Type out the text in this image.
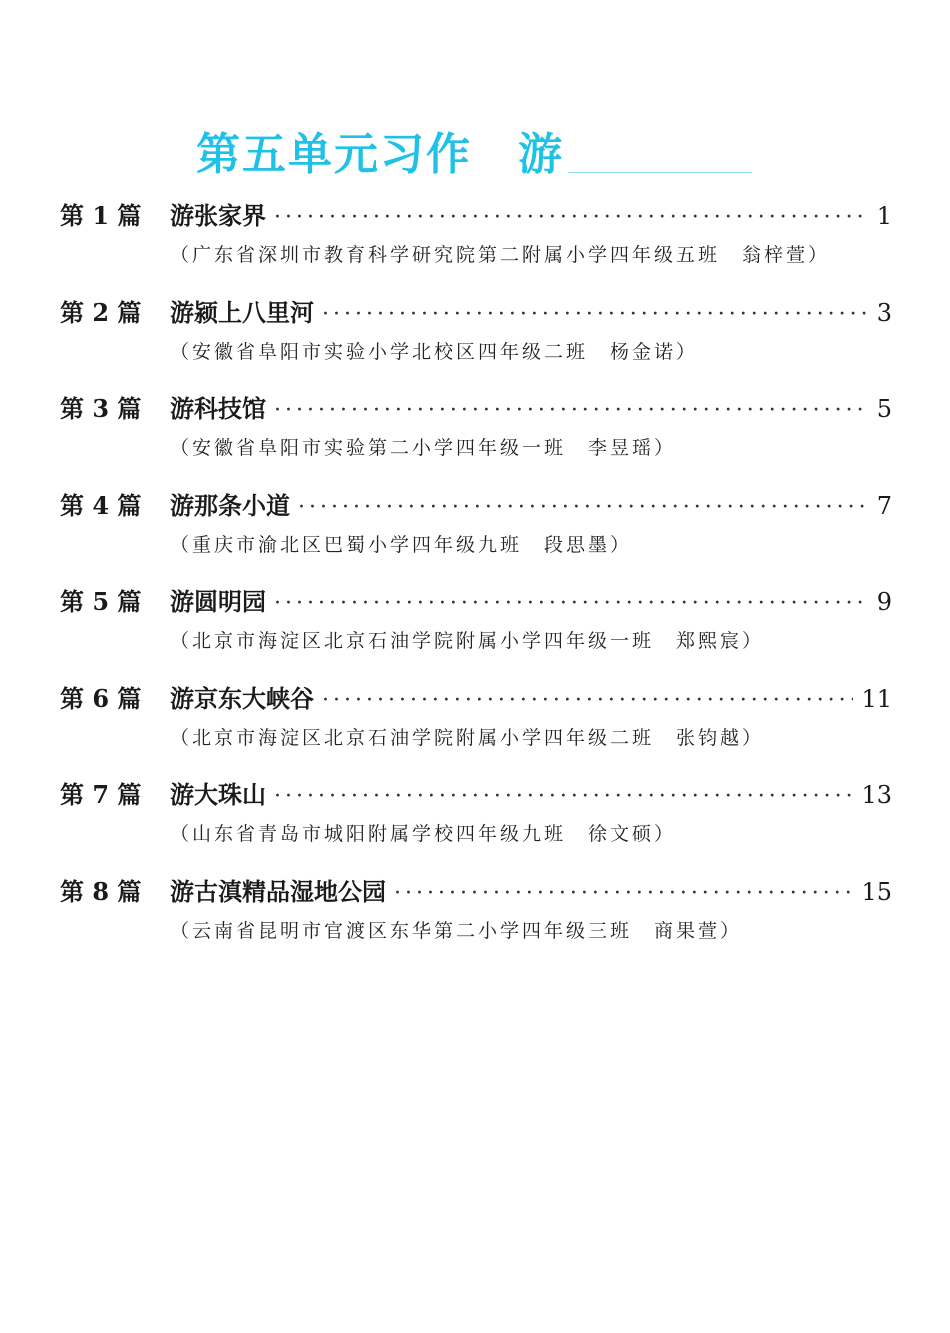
第五单元习作　游
第 1 篇	游张家界 ·····	1
（广东省深圳市教育科学研究院第二附属小学四年级五班　翁梓萱）
第 2 篇	游颍上八里河 ·····	3
（安徽省阜阳市实验小学北校区四年级二班　杨金诺）
第 3 篇	游科技馆 ·····	5
（安徽省阜阳市实验第二小学四年级一班　李昱瑶）
第 4 篇	游那条小道 ·····	7
（重庆市渝北区巴蜀小学四年级九班　段思墨）
第 5 篇	游圆明园 ·····	9
（北京市海淀区北京石油学院附属小学四年级一班　郑熙宸）
第 6 篇	游京东大峡谷 ·····	11
（北京市海淀区北京石油学院附属小学四年级二班　张钧越）
第 7 篇	游大珠山 ·····	13
（山东省青岛市城阳附属学校四年级九班　徐文硕）
第 8 篇	游古滇精品湿地公园 ·····	15
（云南省昆明市官渡区东华第二小学四年级三班　商果萱）
